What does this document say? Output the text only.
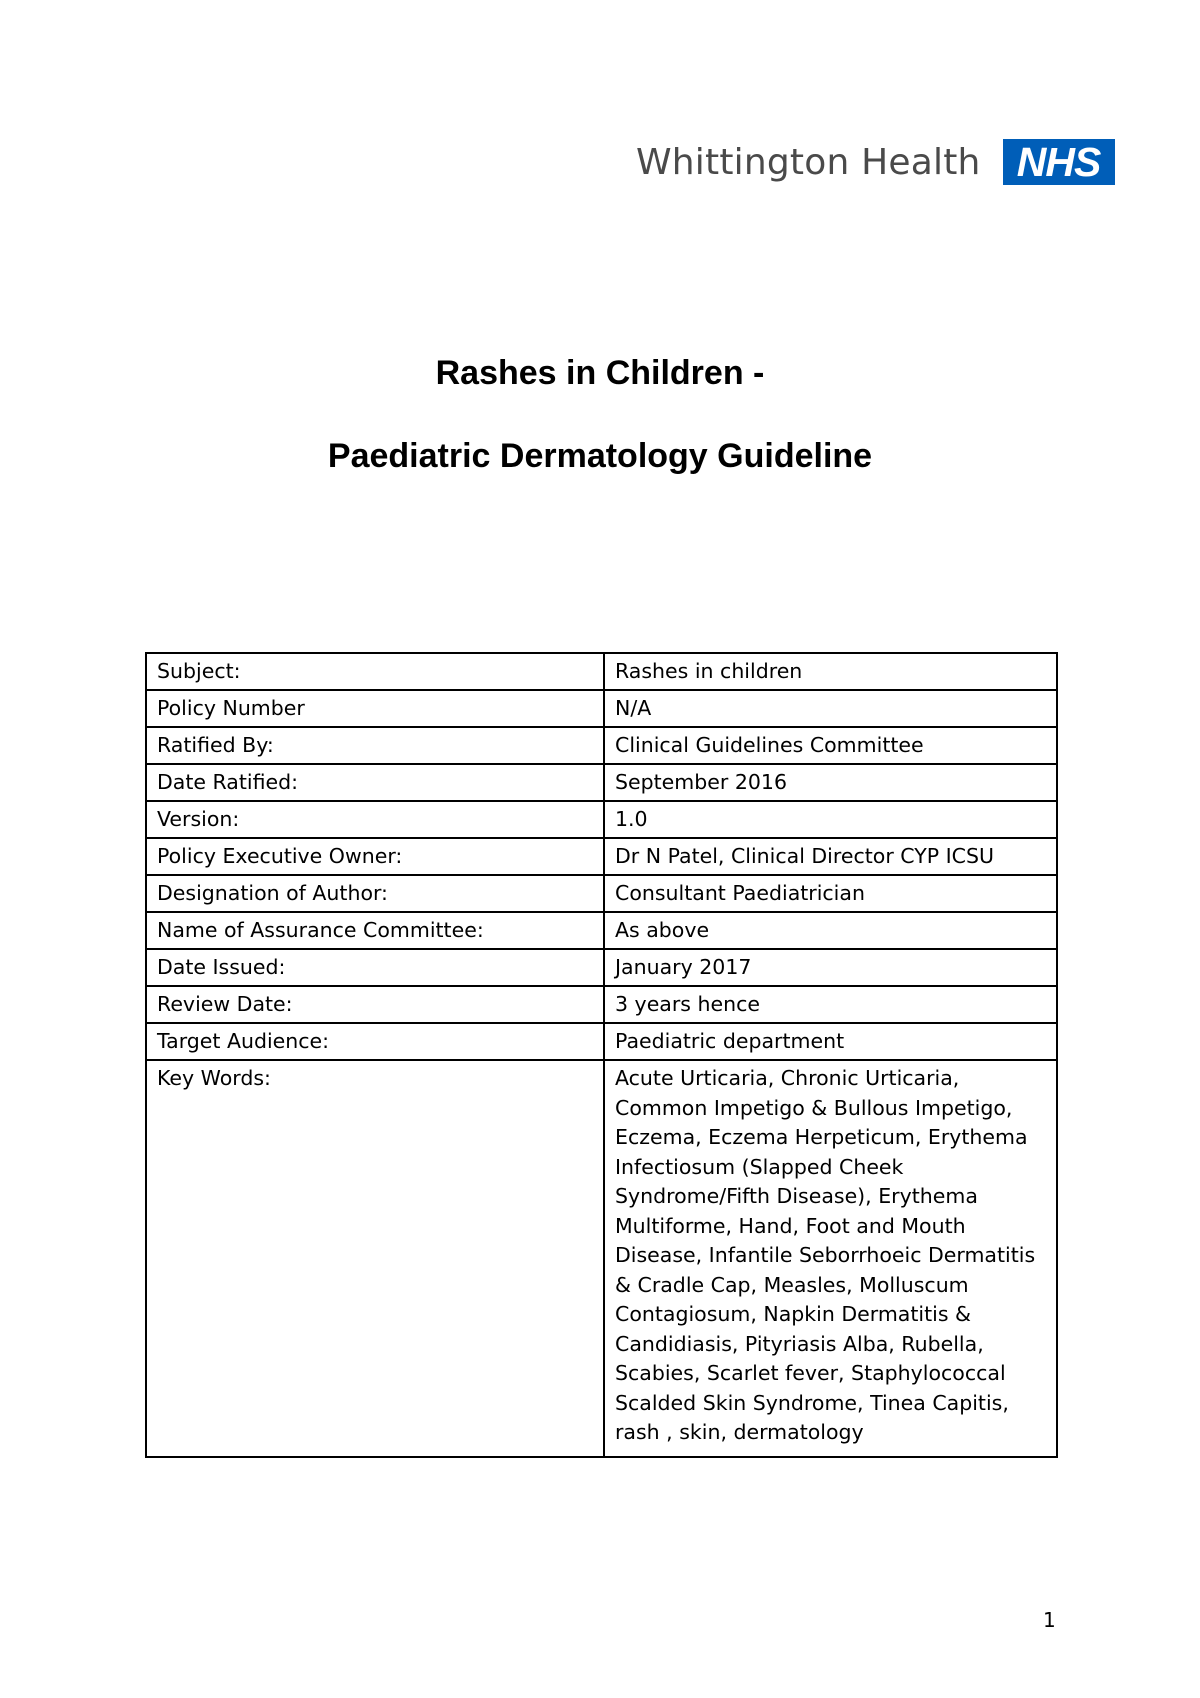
Whittington Health NHS
Rashes in Children -
Paediatric Dermatology Guideline
Subject:	Rashes in children
Policy Number	N/A
Ratified By:	Clinical Guidelines Committee
Date Ratified:	September 2016
Version:	1.0
Policy Executive Owner:	Dr N Patel, Clinical Director CYP ICSU
Designation of Author:	Consultant Paediatrician
Name of Assurance Committee:	As above
Date Issued:	January 2017
Review Date:	3 years hence
Target Audience:	Paediatric department
Key Words:	Acute Urticaria, Chronic Urticaria, Common Impetigo & Bullous Impetigo, Eczema, Eczema Herpeticum, Erythema Infectiosum (Slapped Cheek Syndrome/Fifth Disease), Erythema Multiforme, Hand, Foot and Mouth Disease, Infantile Seborrhoeic Dermatitis & Cradle Cap, Measles, Molluscum Contagiosum, Napkin Dermatitis & Candidiasis, Pityriasis Alba, Rubella, Scabies, Scarlet fever, Staphylococcal Scalded Skin Syndrome, Tinea Capitis, rash , skin, dermatology
1
